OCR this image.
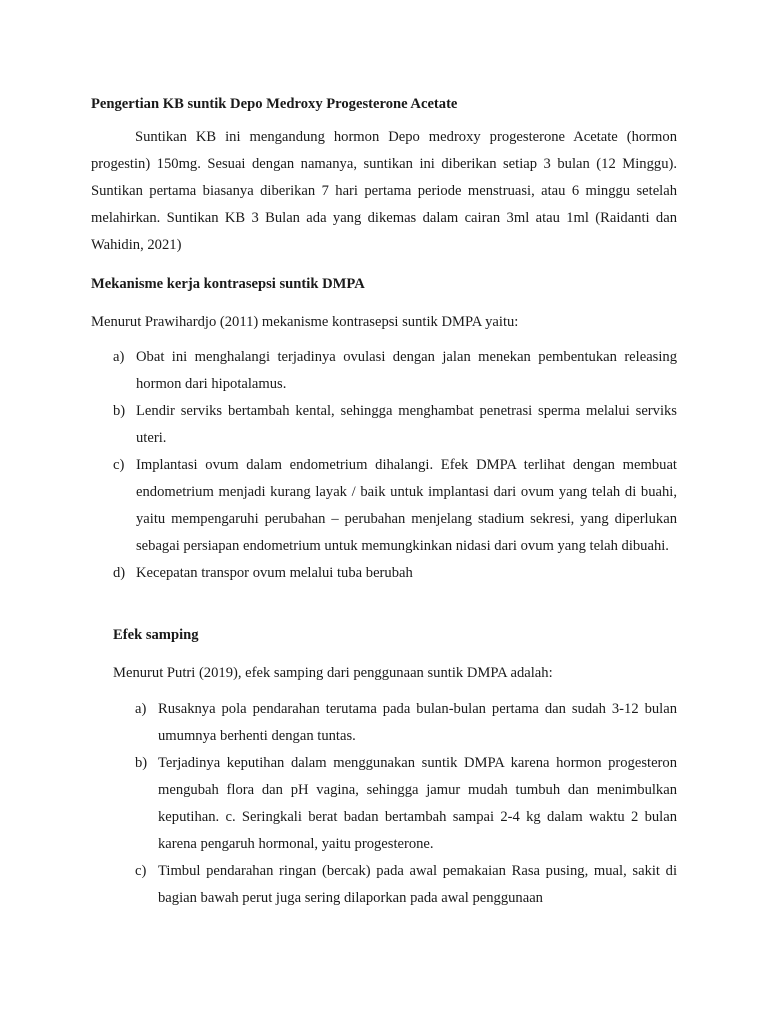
Pengertian KB suntik Depo Medroxy Progesterone Acetate

Suntikan KB ini mengandung hormon Depo medroxy progesterone Acetate (hormon progestin) 150mg. Sesuai dengan namanya, suntikan ini diberikan setiap 3 bulan (12 Minggu). Suntikan pertama biasanya diberikan 7 hari pertama periode menstruasi, atau 6 minggu setelah melahirkan. Suntikan KB 3 Bulan ada yang dikemas dalam cairan 3ml atau 1ml (Raidanti dan Wahidin, 2021)

Mekanisme kerja kontrasepsi suntik DMPA

Menurut Prawihardjo (2011) mekanisme kontrasepsi suntik DMPA yaitu:

a) Obat ini menghalangi terjadinya ovulasi dengan jalan menekan pembentukan releasing hormon dari hipotalamus.
b) Lendir serviks bertambah kental, sehingga menghambat penetrasi sperma melalui serviks uteri.
c) Implantasi ovum dalam endometrium dihalangi. Efek DMPA terlihat dengan membuat endometrium menjadi kurang layak / baik untuk implantasi dari ovum yang telah di buahi, yaitu mempengaruhi perubahan – perubahan menjelang stadium sekresi, yang diperlukan sebagai persiapan endometrium untuk memungkinkan nidasi dari ovum yang telah dibuahi.
d) Kecepatan transpor ovum melalui tuba berubah
Efek samping

Menurut Putri (2019), efek samping dari penggunaan suntik DMPA adalah:

a) Rusaknya pola pendarahan terutama pada bulan-bulan pertama dan sudah 3-12 bulan umumnya berhenti dengan tuntas.
b) Terjadinya keputihan dalam menggunakan suntik DMPA karena hormon progesteron mengubah flora dan pH vagina, sehingga jamur mudah tumbuh dan menimbulkan keputihan. c. Seringkali berat badan bertambah sampai 2-4 kg dalam waktu 2 bulan karena pengaruh hormonal, yaitu progesterone.
c) Timbul pendarahan ringan (bercak) pada awal pemakaian Rasa pusing, mual, sakit di bagian bawah perut juga sering dilaporkan pada awal penggunaan
